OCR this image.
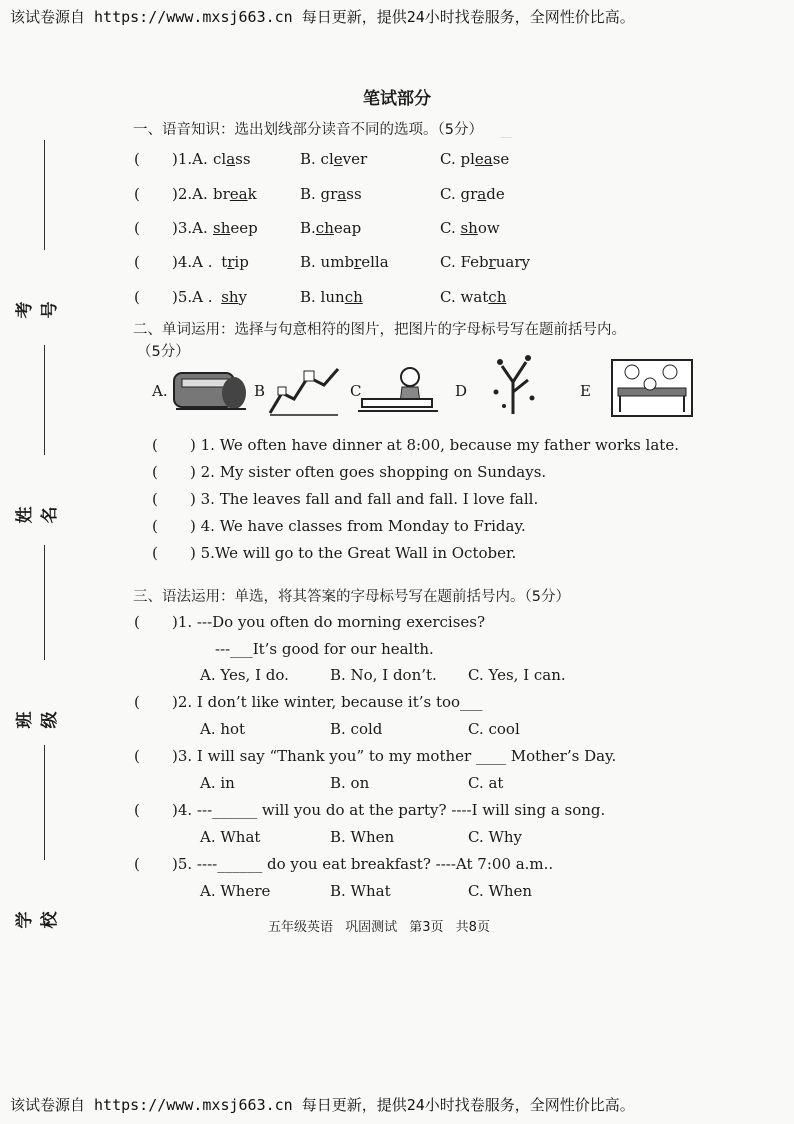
—
该试卷源自 https://www.mxsj663.cn 每日更新，提供24小时找卷服务，全网性价比高。
考号
姓名
班级
学校
笔试部分
一、语音知识：选出划线部分读音不同的选项。（5分）
( )1.A. class	B. clever	C. please
( )2.A. break	B. grass	C. grade
( )3.A. sheep	B.cheap	C. show
( )4.A . trip	B. umbrella	C. February
( )5.A . shy	B. lunch	C. watch
二、单词运用：选择与句意相符的图片，把图片的字母标号写在题前括号内。
（5分）
A.	B	C	D	E
( ) 1. We often have dinner at 8:00, because my father works late.
( ) 2. My sister often goes shopping on Sundays.
( ) 3. The leaves fall and fall and fall. I love fall.
( ) 4. We have classes from Monday to Friday.
( ) 5.We will go to the Great Wall in October.
三、语法运用：单选，将其答案的字母标号写在题前括号内。（5分）
( )1. ---Do you often do morning exercises?
---___It’s good for our health.
A. Yes, I do.	B. No, I don’t. C. Yes, I can.
( )2. I don’t like winter, because it’s too___
A. hot	B. cold	C. cool
( )3. I will say “Thank you” to my mother ____ Mother’s Day.
A. in	B. on	C. at
( )4. ---______ will you do at the party? ----I will sing a song.
A. What	B. When	C. Why
( )5. ----______ do you eat breakfast? ----At 7:00 a.m..
A. Where	B. What	C. When
五年级英语 巩固测试 第3页 共8页
该试卷源自 https://www.mxsj663.cn 每日更新，提供24小时找卷服务，全网性价比高。
